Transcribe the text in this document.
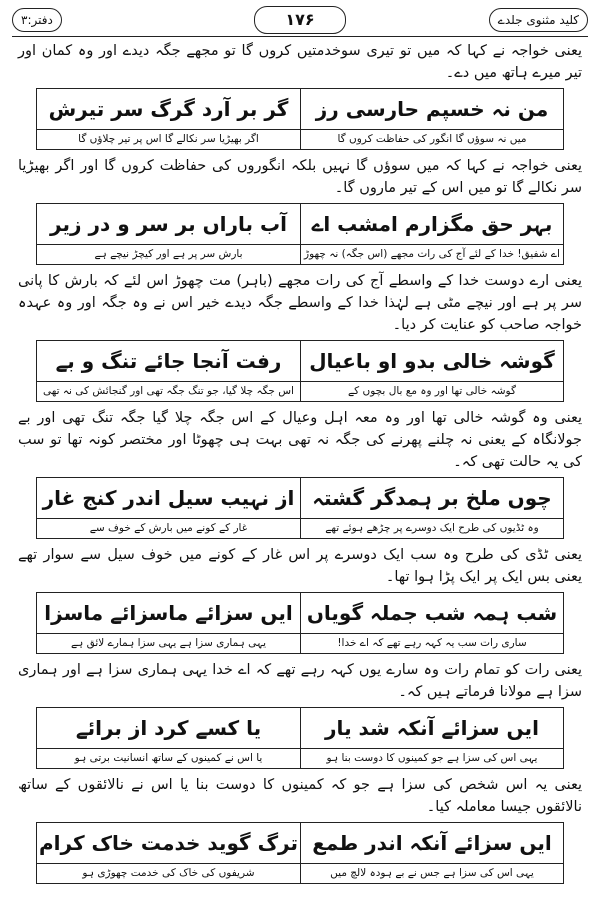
دفتر:۳	۱۷۶	کلید مثنوی جلدے

یعنی خواجہ نے کہا کہ میں تو تیری سوخدمتیں کروں گا تو مجھے جگہ دیدے اور وہ کمان اور تیر میرے ہاتھ میں دے۔

من نہ خسپم حارسی رز
گر بر آرد گرگ سر تیرش
میں نہ سوؤں گا انگور کی حفاظت کروں گا
اگر بھیڑیا سر نکالے گا اس پر تیر چلاؤں گا

یعنی خواجہ نے کہا کہ میں سوؤں گا نہیں بلکہ انگوروں کی حفاظت کروں گا اور اگر بھیڑیا سر نکالے گا تو میں اس کے تیر ماروں گا۔

بہر حق مگزارم امشب اے
آب باراں بر سر و در زیر
اے شفیق! خدا کے لئے آج کی رات مجھے (اس جگہ) نہ چھوڑ
بارش سر پر ہے اور کیچڑ نیچے ہے

یعنی ارے دوست خدا کے واسطے آج کی رات مجھے (باہر) مت چھوڑ اس لئے کہ بارش کا پانی سر پر ہے اور نیچے مٹی ہے لہٰذا خدا کے واسطے جگہ دیدے خیر اس نے وہ جگہ اور وہ عہدہ خواجہ صاحب کو عنایت کر دیا۔

گوشہ خالی بدو او باعیال
رفت آنجا جائے تنگ و بے
گوشہ خالی تھا اور وہ مع بال بچوں کے
اس جگہ چلا گیا، جو تنگ جگہ تھی اور گنجائش کی نہ تھی

یعنی وہ گوشہ خالی تھا اور وہ معہ اہل وعیال کے اس جگہ چلا گیا جگہ تنگ تھی اور بے جولانگاہ کے یعنی نہ چلنے پھرنے کی جگہ نہ تھی بہت ہی چھوٹا اور مختصر کونہ تھا تو سب کی یہ حالت تھی کہ۔

چوں ملخ بر ہمدگر گشتہ
از نہیب سیل اندر کنج غار
وہ ٹڈیوں کی طرح ایک دوسرے پر چڑھے ہوئے تھے
غار کے کونے میں بارش کے خوف سے

یعنی ٹڈی کی طرح وہ سب ایک دوسرے پر اس غار کے کونے میں خوف سیل سے سوار تھے یعنی بس ایک پر ایک پڑا ہوا تھا۔

شب ہمہ شب جملہ گویاں
ایں سزائے ماسزائے ماسزا
ساری رات سب یہ کہہ رہے تھے کہ اے خدا!
یہی ہماری سزا ہے یہی سزا ہمارے لائق ہے

یعنی رات کو تمام رات وہ سارے یوں کہہ رہے تھے کہ اے خدا یہی ہماری سزا ہے اور ہماری سزا ہے مولانا فرماتے ہیں کہ۔

ایں سزائے آنکہ شد یار
یا کسے کرد از برائے
یہی اس کی سزا ہے جو کمینوں کا دوست بنا ہو
یا اس نے کمینوں کے ساتھ انسانیت برتی ہو

یعنی یہ اس شخص کی سزا ہے جو کہ کمینوں کا دوست بنا یا اس نے نالائقوں کے ساتھ نالائقوں جیسا معاملہ کیا۔

ایں سزائے آنکہ اندر طمع
ترگ گوید خدمت خاک کرام
یہی اس کی سزا ہے جس نے بے ہودہ لالچ میں
شریفوں کی خاک کی خدمت چھوڑی ہو
